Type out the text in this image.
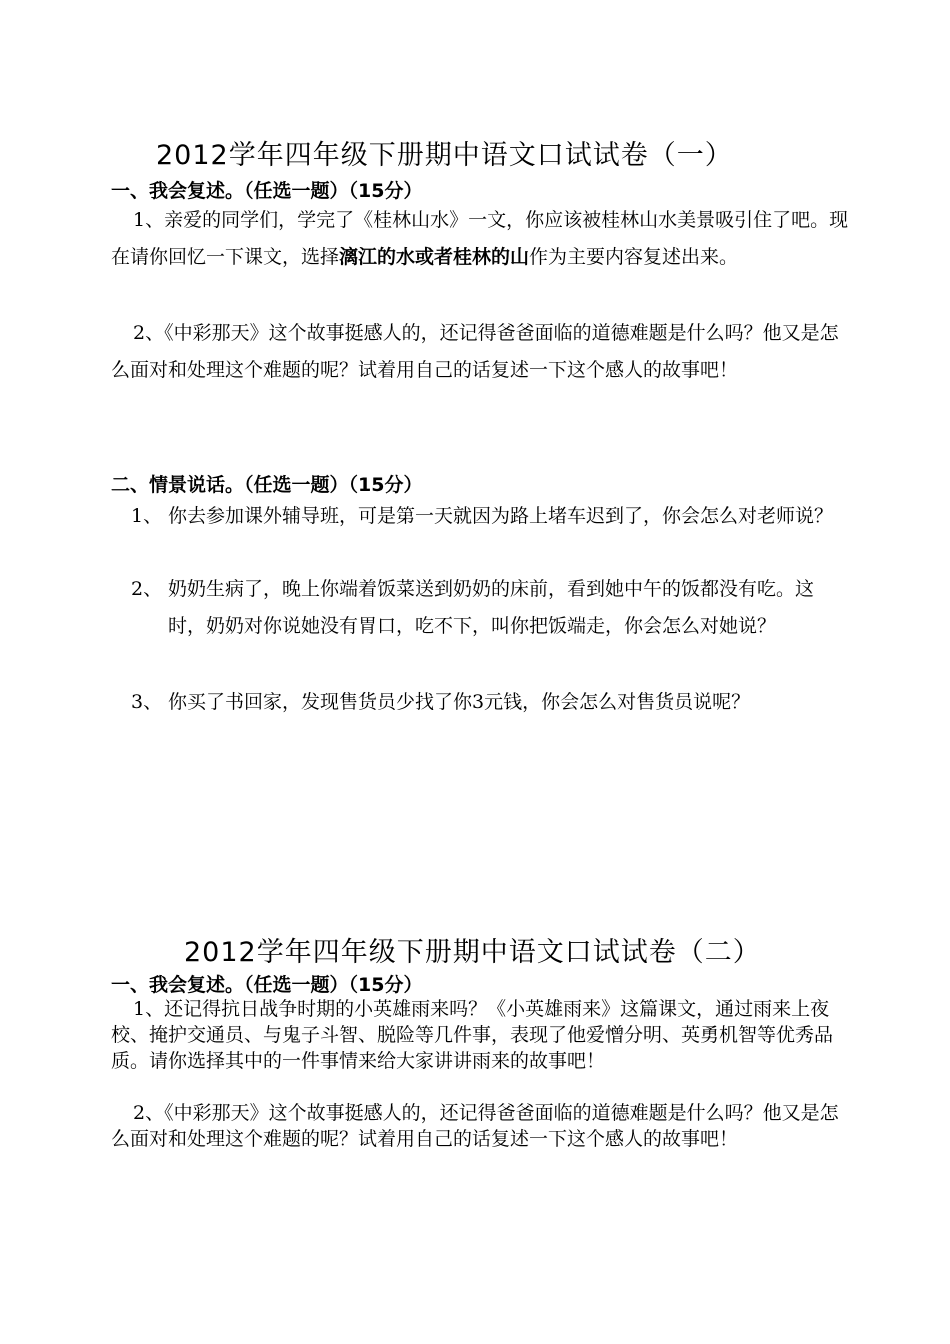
2012学年四年级下册期中语文口试试卷（一）
一、我会复述。（任选一题）（15分）

1、亲爱的同学们，学完了《桂林山水》一文，你应该被桂林山水美景吸引住了吧。现在请你回忆一下课文，选择漓江的水或者桂林的山作为主要内容复述出来。

2、《中彩那天》这个故事挺感人的，还记得爸爸面临的道德难题是什么吗？他又是怎么面对和处理这个难题的呢？试着用自己的话复述一下这个感人的故事吧！

二、情景说话。（任选一题）（15分）
1、 你去参加课外辅导班，可是第一天就因为路上堵车迟到了，你会怎么对老师说？
2、 奶奶生病了，晚上你端着饭菜送到奶奶的床前，看到她中午的饭都没有吃。这时，奶奶对你说她没有胃口，吃不下，叫你把饭端走，你会怎么对她说？
3、 你买了书回家，发现售货员少找了你3元钱，你会怎么对售货员说呢？
2012学年四年级下册期中语文口试试卷（二）
一、我会复述。（任选一题）（15分）

1、还记得抗日战争时期的小英雄雨来吗？《小英雄雨来》这篇课文，通过雨来上夜校、掩护交通员、与鬼子斗智、脱险等几件事，表现了他爱憎分明、英勇机智等优秀品质。请你选择其中的一件事情来给大家讲讲雨来的故事吧！

2、《中彩那天》这个故事挺感人的，还记得爸爸面临的道德难题是什么吗？他又是怎么面对和处理这个难题的呢？试着用自己的话复述一下这个感人的故事吧！
